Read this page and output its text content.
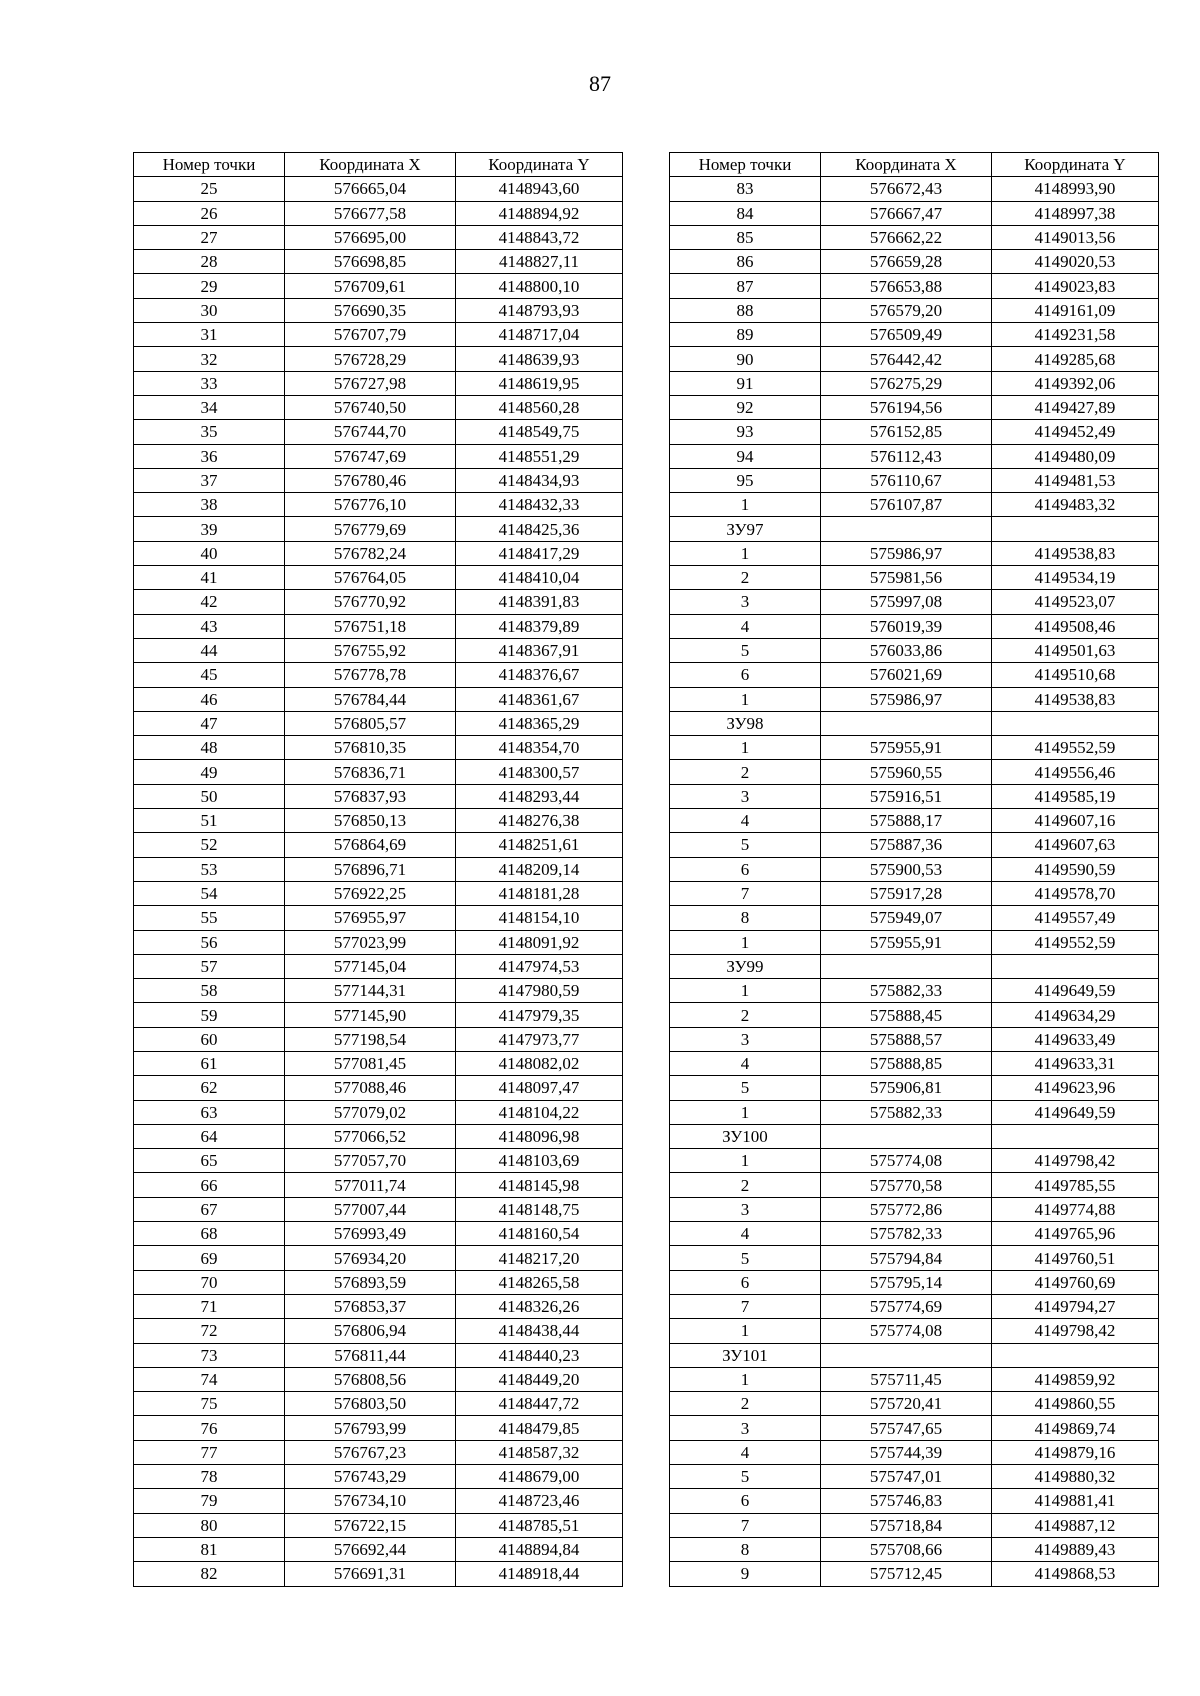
87
Номер точки	Координата X	Координата Y
25	576665,04	4148943,60
26	576677,58	4148894,92
27	576695,00	4148843,72
28	576698,85	4148827,11
29	576709,61	4148800,10
30	576690,35	4148793,93
31	576707,79	4148717,04
32	576728,29	4148639,93
33	576727,98	4148619,95
34	576740,50	4148560,28
35	576744,70	4148549,75
36	576747,69	4148551,29
37	576780,46	4148434,93
38	576776,10	4148432,33
39	576779,69	4148425,36
40	576782,24	4148417,29
41	576764,05	4148410,04
42	576770,92	4148391,83
43	576751,18	4148379,89
44	576755,92	4148367,91
45	576778,78	4148376,67
46	576784,44	4148361,67
47	576805,57	4148365,29
48	576810,35	4148354,70
49	576836,71	4148300,57
50	576837,93	4148293,44
51	576850,13	4148276,38
52	576864,69	4148251,61
53	576896,71	4148209,14
54	576922,25	4148181,28
55	576955,97	4148154,10
56	577023,99	4148091,92
57	577145,04	4147974,53
58	577144,31	4147980,59
59	577145,90	4147979,35
60	577198,54	4147973,77
61	577081,45	4148082,02
62	577088,46	4148097,47
63	577079,02	4148104,22
64	577066,52	4148096,98
65	577057,70	4148103,69
66	577011,74	4148145,98
67	577007,44	4148148,75
68	576993,49	4148160,54
69	576934,20	4148217,20
70	576893,59	4148265,58
71	576853,37	4148326,26
72	576806,94	4148438,44
73	576811,44	4148440,23
74	576808,56	4148449,20
75	576803,50	4148447,72
76	576793,99	4148479,85
77	576767,23	4148587,32
78	576743,29	4148679,00
79	576734,10	4148723,46
80	576722,15	4148785,51
81	576692,44	4148894,84
82	576691,31	4148918,44
Номер точки	Координата X	Координата Y
83	576672,43	4148993,90
84	576667,47	4148997,38
85	576662,22	4149013,56
86	576659,28	4149020,53
87	576653,88	4149023,83
88	576579,20	4149161,09
89	576509,49	4149231,58
90	576442,42	4149285,68
91	576275,29	4149392,06
92	576194,56	4149427,89
93	576152,85	4149452,49
94	576112,43	4149480,09
95	576110,67	4149481,53
1	576107,87	4149483,32
ЗУ97		
1	575986,97	4149538,83
2	575981,56	4149534,19
3	575997,08	4149523,07
4	576019,39	4149508,46
5	576033,86	4149501,63
6	576021,69	4149510,68
1	575986,97	4149538,83
ЗУ98		
1	575955,91	4149552,59
2	575960,55	4149556,46
3	575916,51	4149585,19
4	575888,17	4149607,16
5	575887,36	4149607,63
6	575900,53	4149590,59
7	575917,28	4149578,70
8	575949,07	4149557,49
1	575955,91	4149552,59
ЗУ99		
1	575882,33	4149649,59
2	575888,45	4149634,29
3	575888,57	4149633,49
4	575888,85	4149633,31
5	575906,81	4149623,96
1	575882,33	4149649,59
ЗУ100		
1	575774,08	4149798,42
2	575770,58	4149785,55
3	575772,86	4149774,88
4	575782,33	4149765,96
5	575794,84	4149760,51
6	575795,14	4149760,69
7	575774,69	4149794,27
1	575774,08	4149798,42
ЗУ101		
1	575711,45	4149859,92
2	575720,41	4149860,55
3	575747,65	4149869,74
4	575744,39	4149879,16
5	575747,01	4149880,32
6	575746,83	4149881,41
7	575718,84	4149887,12
8	575708,66	4149889,43
9	575712,45	4149868,53
